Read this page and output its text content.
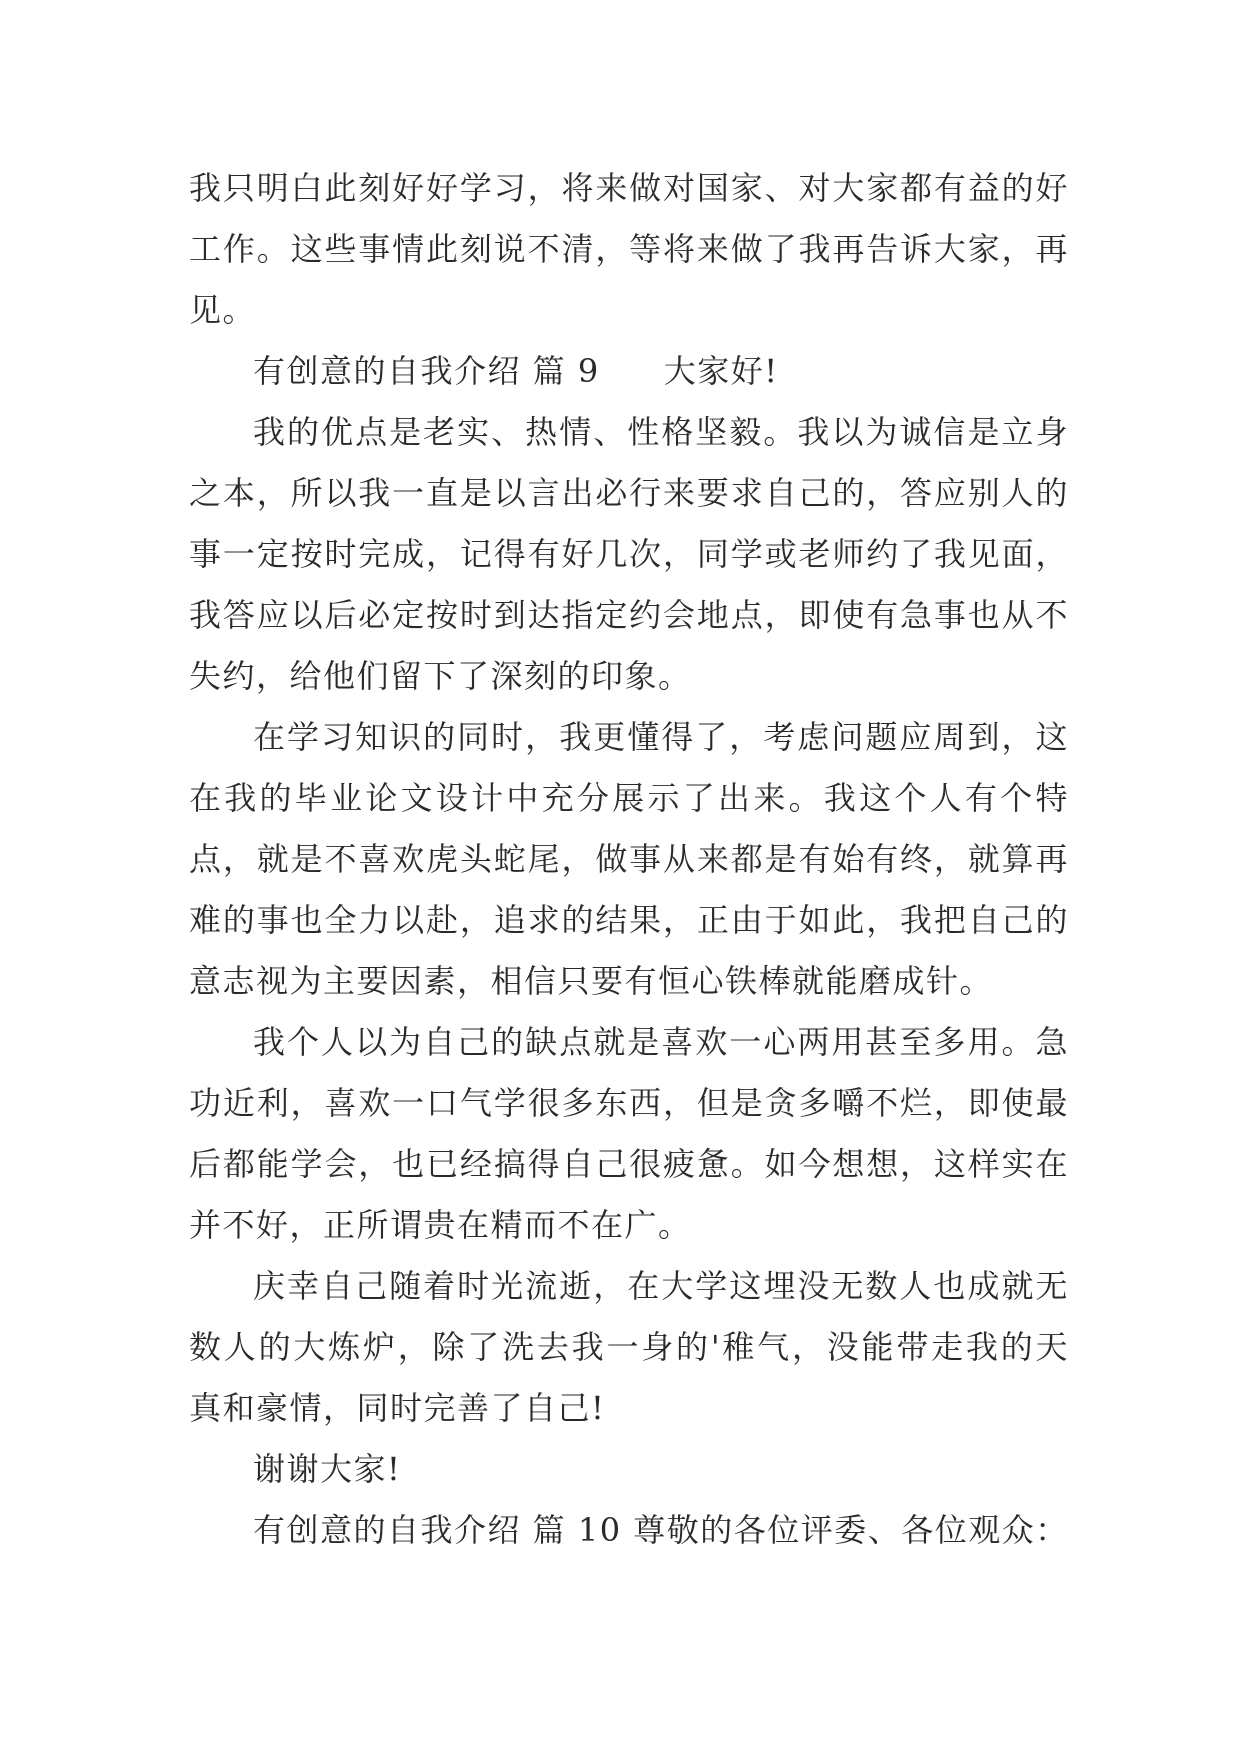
我只明白此刻好好学习，将来做对国家、对大家都有益的好工作。这些事情此刻说不清，等将来做了我再告诉大家，再见。

有创意的自我介绍 篇 9 大家好!

我的优点是老实、热情、性格坚毅。我以为诚信是立身之本，所以我一直是以言出必行来要求自己的，答应别人的事一定按时完成，记得有好几次，同学或老师约了我见面，我答应以后必定按时到达指定约会地点，即使有急事也从不失约，给他们留下了深刻的印象。

在学习知识的同时，我更懂得了，考虑问题应周到，这在我的毕业论文设计中充分展示了出来。我这个人有个特点，就是不喜欢虎头蛇尾，做事从来都是有始有终，就算再难的事也全力以赴，追求的结果，正由于如此，我把自己的意志视为主要因素，相信只要有恒心铁棒就能磨成针。

我个人以为自己的缺点就是喜欢一心两用甚至多用。急功近利，喜欢一口气学很多东西，但是贪多嚼不烂，即使最后都能学会，也已经搞得自己很疲惫。如今想想，这样实在并不好，正所谓贵在精而不在广。

庆幸自己随着时光流逝，在大学这埋没无数人也成就无数人的大炼炉，除了洗去我一身的'稚气，没能带走我的天真和豪情，同时完善了自己!

谢谢大家!

有创意的自我介绍 篇 10 尊敬的各位评委、各位观众：
